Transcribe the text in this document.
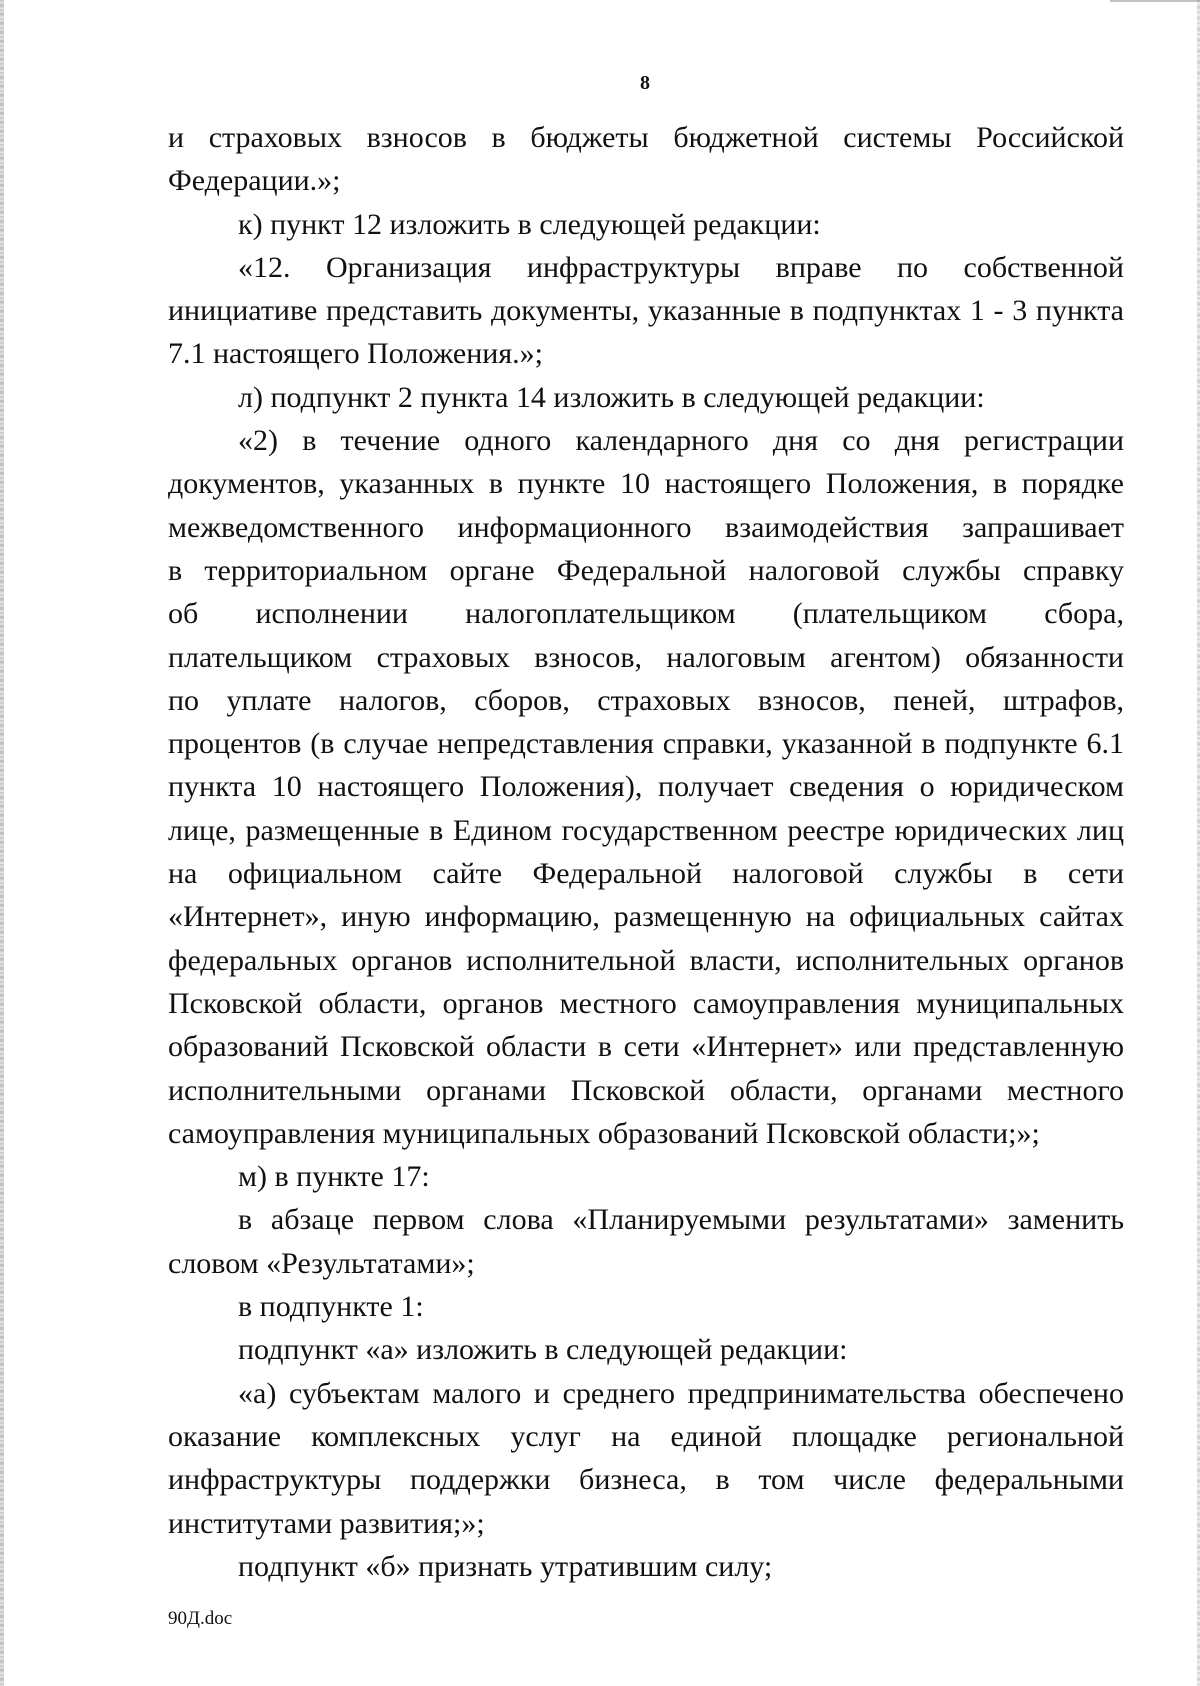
8
и страховых взносов в бюджеты бюджетной системы Российской
Федерации.»;
к) пункт 12 изложить в следующей редакции:
«12. Организация инфраструктуры вправе по собственной
инициативе представить документы, указанные в подпунктах 1 - 3 пункта
7.1 настоящего Положения.»;
л) подпункт 2 пункта 14 изложить в следующей редакции:
«2) в течение одного календарного дня со дня регистрации
документов, указанных в пункте 10 настоящего Положения, в порядке
межведомственного информационного взаимодействия запрашивает
в территориальном органе Федеральной налоговой службы справку
об исполнении налогоплательщиком (плательщиком сбора,
плательщиком страховых взносов, налоговым агентом) обязанности
по уплате налогов, сборов, страховых взносов, пеней, штрафов,
процентов (в случае непредставления справки, указанной в подпункте 6.1
пункта 10 настоящего Положения), получает сведения о юридическом
лице, размещенные в Едином государственном реестре юридических лиц
на официальном сайте Федеральной налоговой службы в сети
«Интернет», иную информацию, размещенную на официальных сайтах
федеральных органов исполнительной власти, исполнительных органов
Псковской области, органов местного самоуправления муниципальных
образований Псковской области в сети «Интернет» или представленную
исполнительными органами Псковской области, органами местного
самоуправления муниципальных образований Псковской области;»;
м) в пункте 17:
в абзаце первом слова «Планируемыми результатами» заменить
словом «Результатами»;
в подпункте 1:
подпункт «а» изложить в следующей редакции:
«а) субъектам малого и среднего предпринимательства обеспечено
оказание комплексных услуг на единой площадке региональной
инфраструктуры поддержки бизнеса, в том числе федеральными
институтами развития;»;
подпункт «б» признать утратившим силу;
90Д.doc
